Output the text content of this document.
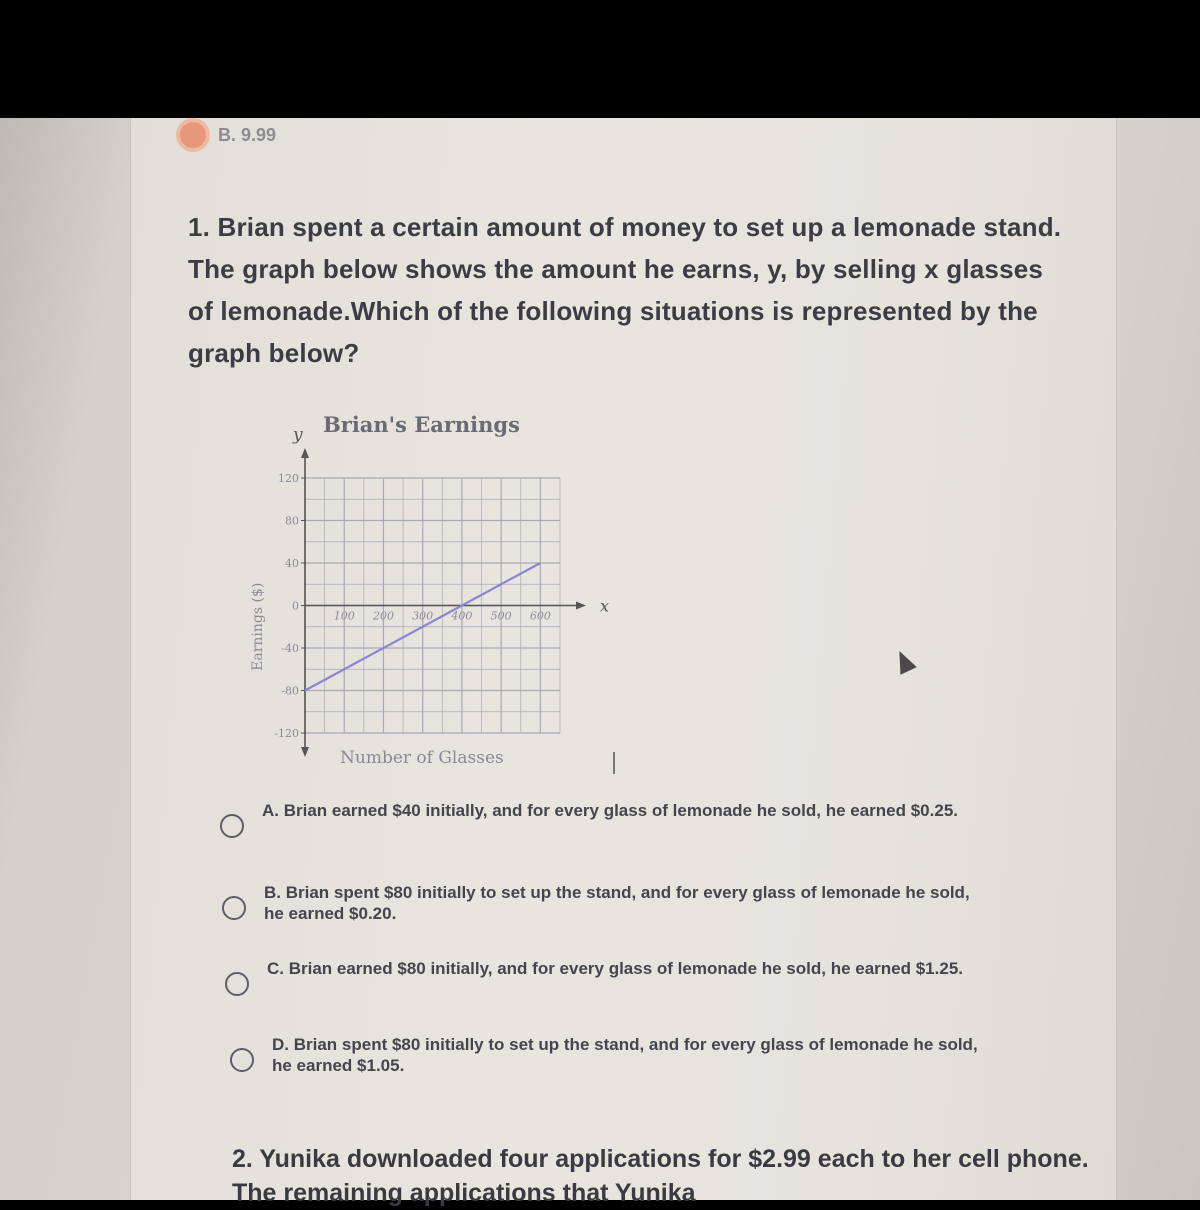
B. 9.99
1. Brian spent a certain amount of money to set up a lemonade stand. The graph below shows the amount he earns, y, by selling x glasses of lemonade.Which of the following situations is represented by the graph below?
y
x
Brian's Earnings
120
80
40
0
-40
-80
-120
100 200 300 400 500 600
Earnings ($)
Number of Glasses
A. Brian earned $40 initially, and for every glass of lemonade he sold, he earned $0.25.
B. Brian spent $80 initially to set up the stand, and for every glass of lemonade he sold, he earned $0.20.
C. Brian earned $80 initially, and for every glass of lemonade he sold, he earned $1.25.
D. Brian spent $80 initially to set up the stand, and for every glass of lemonade he sold, he earned $1.05.
2. Yunika downloaded four applications for $2.99 each to her cell phone. The remaining applications that Yunika
